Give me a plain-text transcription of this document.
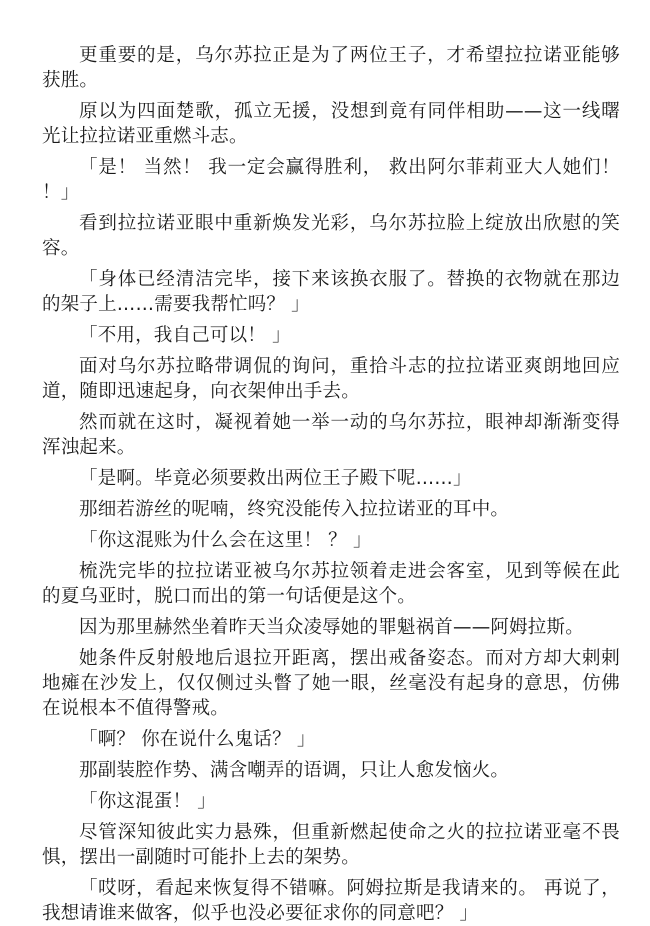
更重要的是，乌尔苏拉正是为了两位王子，才希望拉拉诺亚能够获胜。

原以为四面楚歌，孤立无援，没想到竟有同伴相助——这一线曙光让拉拉诺亚重燃斗志。

「是！ 当然！ 我一定会赢得胜利， 救出阿尔菲莉亚大人她们！ ！」

看到拉拉诺亚眼中重新焕发光彩，乌尔苏拉脸上绽放出欣慰的笑容。

「身体已经清洁完毕，接下来该换衣服了。替换的衣物就在那边的架子上……需要我帮忙吗？ 」

「不用，我自己可以！ 」

面对乌尔苏拉略带调侃的询问，重拾斗志的拉拉诺亚爽朗地回应道，随即迅速起身，向衣架伸出手去。

然而就在这时，凝视着她一举一动的乌尔苏拉，眼神却渐渐变得浑浊起来。

「是啊。毕竟必须要救出两位王子殿下呢……」

那细若游丝的呢喃，终究没能传入拉拉诺亚的耳中。

「你这混账为什么会在这里！ ？ 」

梳洗完毕的拉拉诺亚被乌尔苏拉领着走进会客室，见到等候在此的夏乌亚时，脱口而出的第一句话便是这个。

因为那里赫然坐着昨天当众凌辱她的罪魁祸首——阿姆拉斯。

她条件反射般地后退拉开距离，摆出戒备姿态。而对方却大剌剌地瘫在沙发上，仅仅侧过头瞥了她一眼，丝毫没有起身的意思，仿佛在说根本不值得警戒。

「啊？ 你在说什么鬼话？ 」

那副装腔作势、满含嘲弄的语调，只让人愈发恼火。

「你这混蛋！ 」

尽管深知彼此实力悬殊，但重新燃起使命之火的拉拉诺亚毫不畏惧，摆出一副随时可能扑上去的架势。

「哎呀，看起来恢复得不错嘛。阿姆拉斯是我请来的。 再说了，我想请谁来做客，似乎也没必要征求你的同意吧？ 」
